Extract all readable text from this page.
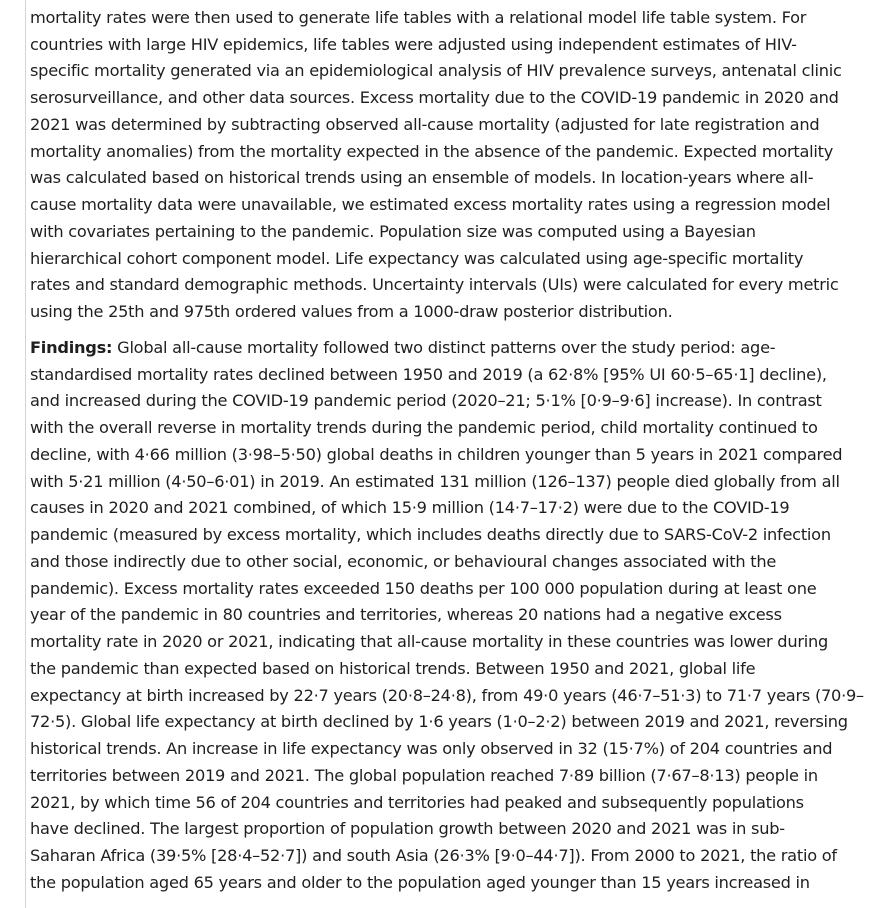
mortality rates were then used to generate life tables with a relational model life table system. For
countries with large HIV epidemics, life tables were adjusted using independent estimates of HIV-
specific mortality generated via an epidemiological analysis of HIV prevalence surveys, antenatal clinic
serosurveillance, and other data sources. Excess mortality due to the COVID-19 pandemic in 2020 and
2021 was determined by subtracting observed all-cause mortality (adjusted for late registration and
mortality anomalies) from the mortality expected in the absence of the pandemic. Expected mortality
was calculated based on historical trends using an ensemble of models. In location-years where all-
cause mortality data were unavailable, we estimated excess mortality rates using a regression model
with covariates pertaining to the pandemic. Population size was computed using a Bayesian
hierarchical cohort component model. Life expectancy was calculated using age-specific mortality
rates and standard demographic methods. Uncertainty intervals (UIs) were calculated for every metric
using the 25th and 975th ordered values from a 1000-draw posterior distribution.
Findings: Global all-cause mortality followed two distinct patterns over the study period: age-
standardised mortality rates declined between 1950 and 2019 (a 62·8% [95% UI 60·5–65·1] decline),
and increased during the COVID-19 pandemic period (2020–21; 5·1% [0·9–9·6] increase). In contrast
with the overall reverse in mortality trends during the pandemic period, child mortality continued to
decline, with 4·66 million (3·98–5·50) global deaths in children younger than 5 years in 2021 compared
with 5·21 million (4·50–6·01) in 2019. An estimated 131 million (126–137) people died globally from all
causes in 2020 and 2021 combined, of which 15·9 million (14·7–17·2) were due to the COVID-19
pandemic (measured by excess mortality, which includes deaths directly due to SARS-CoV-2 infection
and those indirectly due to other social, economic, or behavioural changes associated with the
pandemic). Excess mortality rates exceeded 150 deaths per 100 000 population during at least one
year of the pandemic in 80 countries and territories, whereas 20 nations had a negative excess
mortality rate in 2020 or 2021, indicating that all-cause mortality in these countries was lower during
the pandemic than expected based on historical trends. Between 1950 and 2021, global life
expectancy at birth increased by 22·7 years (20·8–24·8), from 49·0 years (46·7–51·3) to 71·7 years (70·9–
72·5). Global life expectancy at birth declined by 1·6 years (1·0–2·2) between 2019 and 2021, reversing
historical trends. An increase in life expectancy was only observed in 32 (15·7%) of 204 countries and
territories between 2019 and 2021. The global population reached 7·89 billion (7·67–8·13) people in
2021, by which time 56 of 204 countries and territories had peaked and subsequently populations
have declined. The largest proportion of population growth between 2020 and 2021 was in sub-
Saharan Africa (39·5% [28·4–52·7]) and south Asia (26·3% [9·0–44·7]). From 2000 to 2021, the ratio of
the population aged 65 years and older to the population aged younger than 15 years increased in
